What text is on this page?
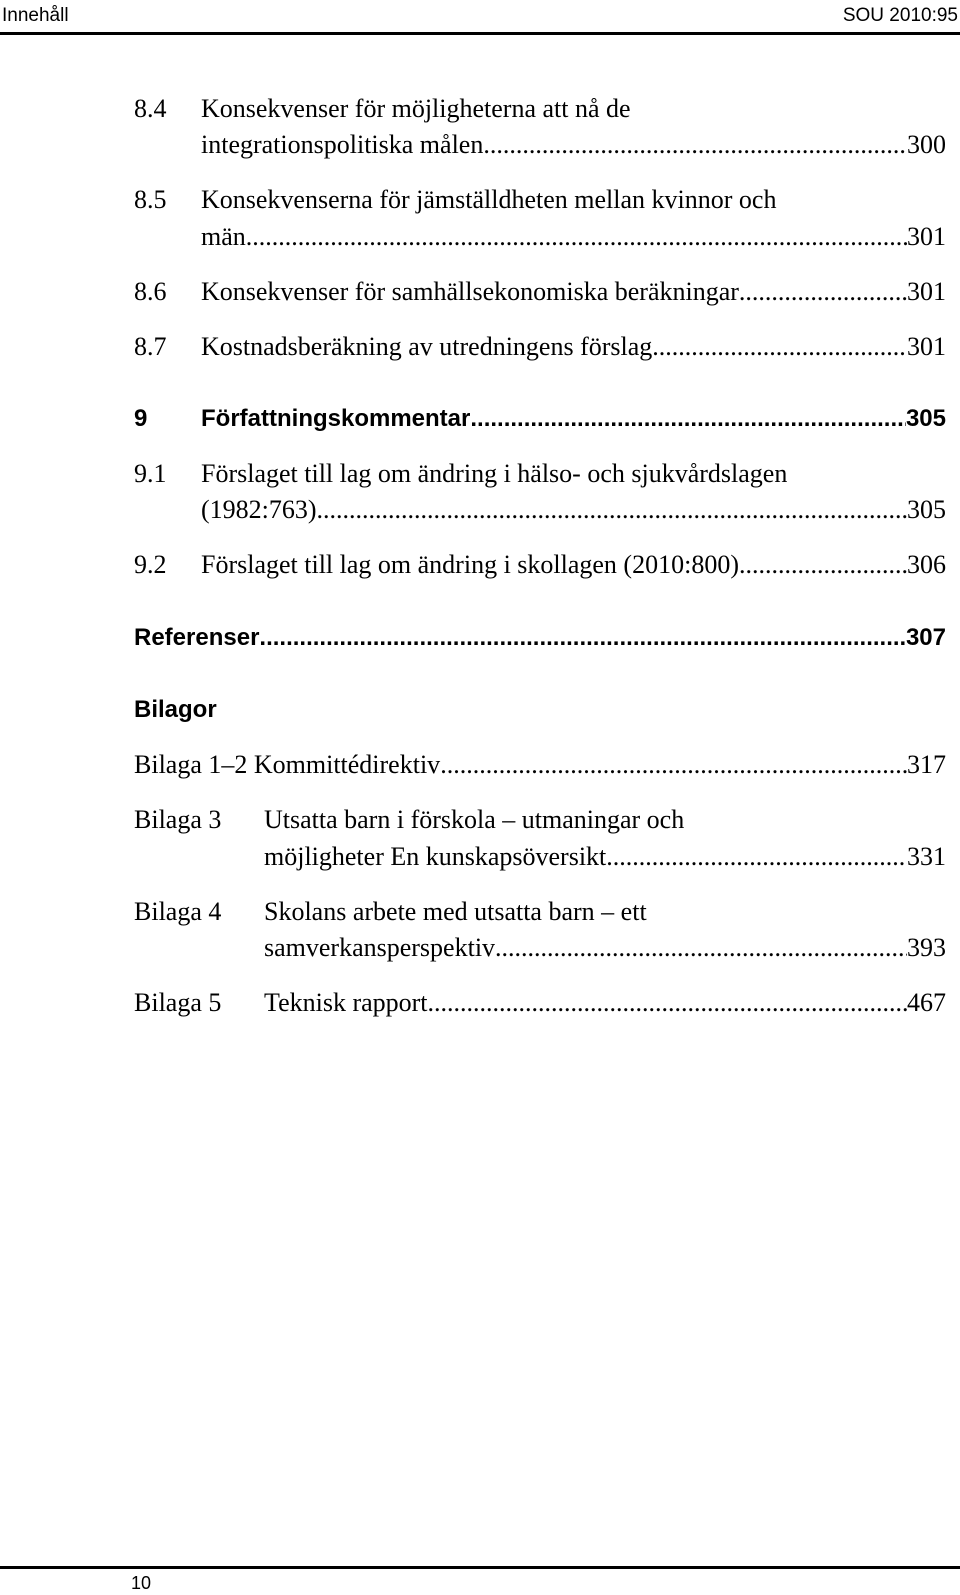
Innehåll	SOU 2010:95
8.4 Konsekvenser för möjligheterna att nå de
integrationspolitiska målen .....	300
8.5 Konsekvenserna för jämställdheten mellan kvinnor och
män .....	301
8.6 Konsekvenser för samhällsekonomiska beräkningar .....	301
8.7 Kostnadsberäkning av utredningens förslag .....	301
9 Författningskommentar .....	305
9.1 Förslaget till lag om ändring i hälso- och sjukvårdslagen
(1982:763) .....	305
9.2 Förslaget till lag om ändring i skollagen (2010:800) .....	306
Referenser .....	307
Bilagor
Bilaga 1–2 Kommittédirektiv .....	317
Bilaga 3 Utsatta barn i förskola – utmaningar och
möjligheter En kunskapsöversikt .....	331
Bilaga 4 Skolans arbete med utsatta barn – ett
samverkansperspektiv .....	393
Bilaga 5 Teknisk rapport .....	467
10
